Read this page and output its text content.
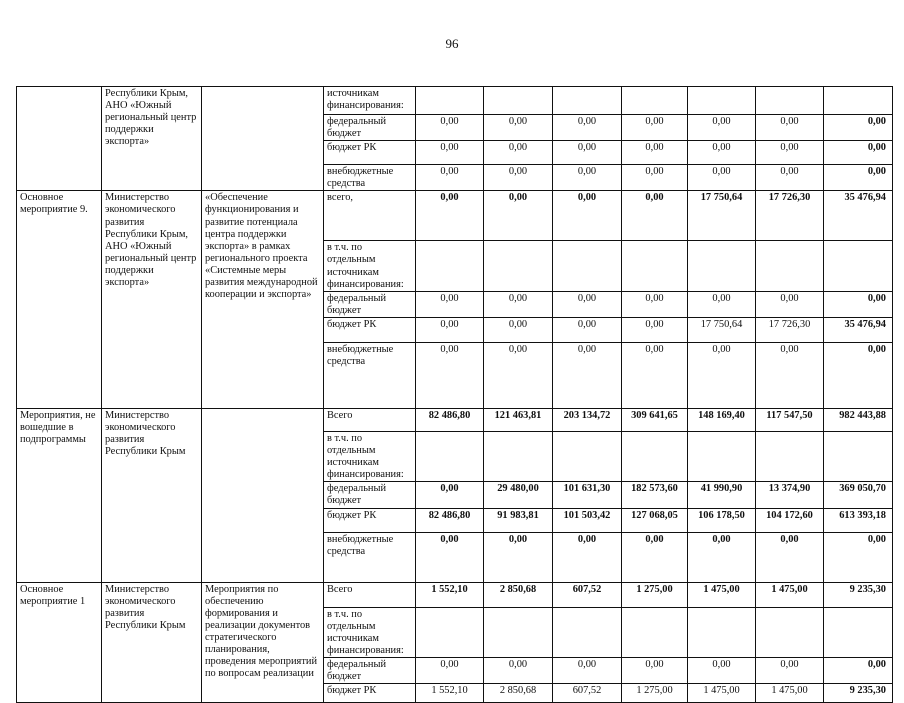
96
	Республики Крым, АНО «Южный региональный центр поддержки экспорта»		источникам финансирования:							
			федеральный бюджет	0,00	0,00	0,00	0,00	0,00	0,00	0,00
			бюджет РК	0,00	0,00	0,00	0,00	0,00	0,00	0,00
			внебюджетные средства	0,00	0,00	0,00	0,00	0,00	0,00	0,00
Основное мероприятие 9.	Министерство экономического развития Республики Крым, АНО «Южный региональный центр поддержки экспорта»	«Обеспечение функционирования и развитие потенциала центра поддержки экспорта» в рамках регионального проекта «Системные меры развития международной кооперации и экспорта»	всего,	0,00	0,00	0,00	0,00	17 750,64	17 726,30	35 476,94
			в т.ч. по отдельным источникам финансирования:							
			федеральный бюджет	0,00	0,00	0,00	0,00	0,00	0,00	0,00
			бюджет РК	0,00	0,00	0,00	0,00	17 750,64	17 726,30	35 476,94
			внебюджетные средства	0,00	0,00	0,00	0,00	0,00	0,00	0,00
Мероприятия, не вошедшие в подпрограммы	Министерство экономического развития Республики Крым		Всего	82 486,80	121 463,81	203 134,72	309 641,65	148 169,40	117 547,50	982 443,88
			в т.ч. по отдельным источникам финансирования:							
			федеральный бюджет	0,00	29 480,00	101 631,30	182 573,60	41 990,90	13 374,90	369 050,70
			бюджет РК	82 486,80	91 983,81	101 503,42	127 068,05	106 178,50	104 172,60	613 393,18
			внебюджетные средства	0,00	0,00	0,00	0,00	0,00	0,00	0,00
Основное мероприятие 1	Министерство экономического развития Республики Крым	Мероприятия по обеспечению формирования и реализации документов стратегического планирования, проведения мероприятий по вопросам реализации	Всего	1 552,10	2 850,68	607,52	1 275,00	1 475,00	1 475,00	9 235,30
			в т.ч. по отдельным источникам финансирования:							
			федеральный бюджет	0,00	0,00	0,00	0,00	0,00	0,00	0,00
			бюджет РК	1 552,10	2 850,68	607,52	1 275,00	1 475,00	1 475,00	9 235,30
